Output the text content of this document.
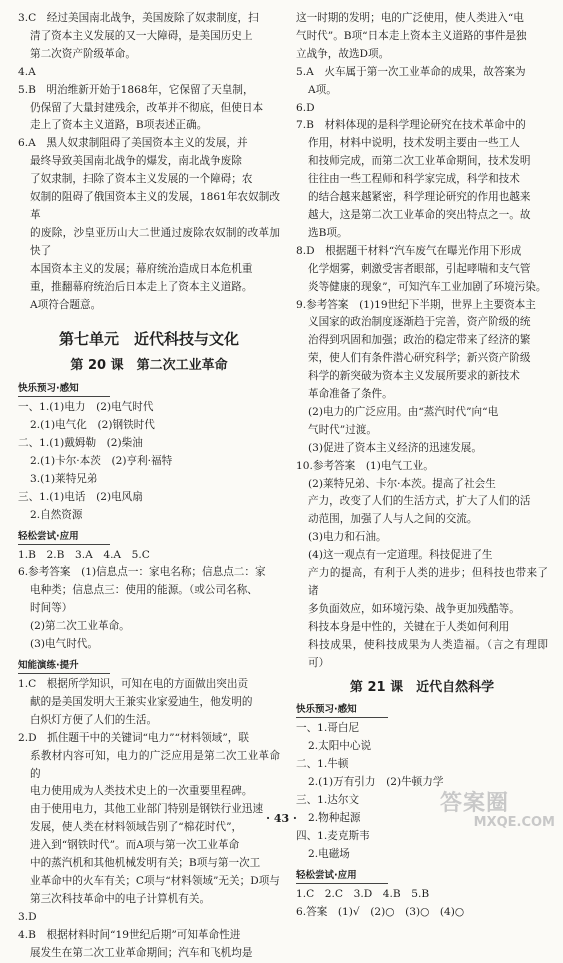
3.C　经过美国南北战争，美国废除了奴隶制度，扫

清了资本主义发展的又一大障碍，是美国历史上

第二次资产阶级革命。

4.A

5.B　明治维新开始于1868年，它保留了天皇制，

仍保留了大量封建残余，改革并不彻底，但使日本

走上了资本主义道路，B项表述正确。

6.A　黑人奴隶制阻碍了美国资本主义的发展，并

最终导致美国南北战争的爆发，南北战争废除

了奴隶制，扫除了资本主义发展的一个障碍；农

奴制的阻碍了俄国资本主义的发展，1861年农奴制改革

的废除，沙皇亚历山大二世通过废除农奴制的改革加快了

本国资本主义的发展；幕府统治造成日本危机重

重，推翻幕府统治后日本走上了资本主义道路。

A项符合题意。

第七单元　近代科技与文化
第 20 课　第二次工业革命
快乐预习·感知

一、1.(1)电力　(2)电气时代

2.(1)电气化　(2)钢铁时代

二、1.(1)戴姆勒　(2)柴油

2.(1)卡尔·本茨　(2)亨利·福特

3.(1)莱特兄弟

三、1.(1)电话　(2)电风扇

2.自然资源

轻松尝试·应用

1.B　2.B　3.A　4.A　5.C

6.参考答案　(1)信息点一：家电名称；信息点二：家

电种类；信息点三：使用的能源。（或公司名称、

时间等）

(2)第二次工业革命。

(3)电气时代。

知能演练·提升

1.C　根据所学知识，可知在电的方面做出突出贡

献的是美国发明大王兼实业家爱迪生，他发明的

白炽灯方便了人们的生活。

2.D　抓住题干中的关键词“电力”“材料领域”，联

系教材内容可知，电力的广泛应用是第二次工业革命的

电力使用成为人类技术史上的一次重要里程碑。

由于使用电力，其他工业部门特别是钢铁行业迅速

发展，使人类在材料领域告别了“棉花时代”，

进入到“钢铁时代”。而A项与第一次工业革命

中的蒸汽机和其他机械发明有关；B项与第一次工

业革命中的火车有关；C项与“材料领域”无关；D项与

第三次科技革命中的电子计算机有关。

3.D

4.B　根据材料时间“19世纪后期”可知革命性进

展发生在第二次工业革命期间；汽车和飞机均是

这一时期的发明；电的广泛使用，使人类进入“电

气时代”。B项“日本走上资本主义道路的事件是独

立战争，故选D项。

5.A　火车属于第一次工业革命的成果，故答案为

A项。

6.D

7.B　材料体现的是科学理论研究在技术革命中的

作用，材料中说明，技术发明主要由一些工人

和技师完成，而第二次工业革命期间，技术发明

往往由一些工程师和科学家完成，科学和技术

的结合越来越紧密，科学理论研究的作用也越来

越大，这是第二次工业革命的突出特点之一。故

选B项。

8.D　根据题干材料“汽车废气在曝光作用下形成

化学烟雾，刺激受害者眼部，引起哮喘和支气管

炎等健康的现象”，可知汽车工业加剧了环境污染。

9.参考答案　(1)19世纪下半期，世界上主要资本主

义国家的政治制度逐渐趋于完善，资产阶级的统

治得到巩固和加强；政治的稳定带来了经济的繁

荣，使人们有条件潜心研究科学；新兴资产阶级

科学的新突破为资本主义发展所要求的新技术

革命准备了条件。

(2)电力的广泛应用。由“蒸汽时代”向“电

气时代”过渡。

(3)促进了资本主义经济的迅速发展。

10.参考答案　(1)电气工业。

(2)莱特兄弟、卡尔·本茨。提高了社会生

产力，改变了人们的生活方式，扩大了人们的活

动范围，加强了人与人之间的交流。

(3)电力和石油。

(4)这一观点有一定道理。科技促进了生

产力的提高，有利于人类的进步；但科技也带来了诸

多负面效应，如环境污染、战争更加残酷等。

科技本身是中性的，关键在于人类如何利用

科技成果，使科技成果为人类造福。（言之有理即可）

第 21 课　近代自然科学
快乐预习·感知

一、1.哥白尼

2.太阳中心说

二、1.牛顿

2.(1)万有引力　(2)牛顿力学

三、1.达尔文

2.物种起源

四、1.麦克斯韦

2.电磁场

轻松尝试·应用

1.C　2.C　3.D　4.B　5.B

6.答案　(1)√　(2)○　(3)○　(4)○

· 43 ·
答案圈
MXQE.COM
